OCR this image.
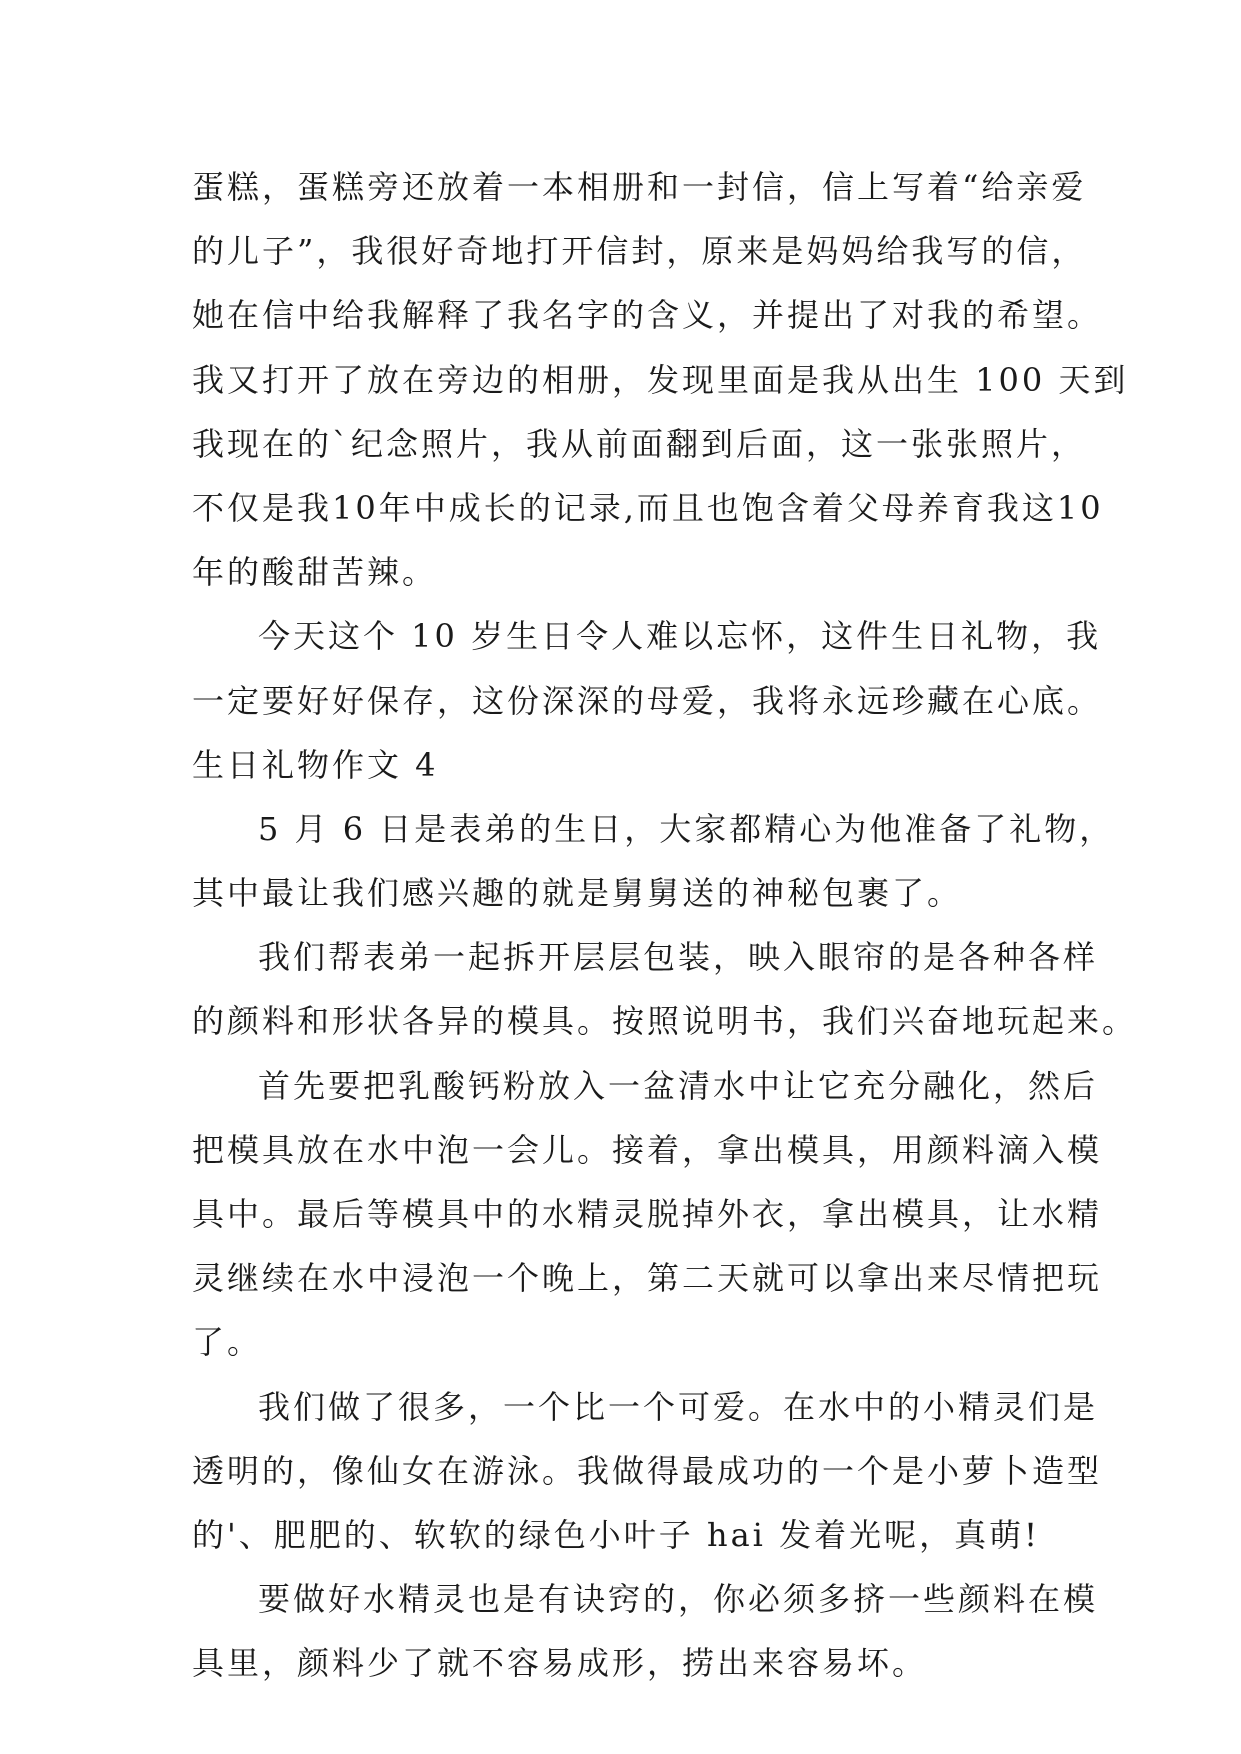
蛋糕，蛋糕旁还放着一本相册和一封信，信上写着“给亲爱
的儿子”，我很好奇地打开信封，原来是妈妈给我写的信，
她在信中给我解释了我名字的含义，并提出了对我的希望。
我又打开了放在旁边的相册，发现里面是我从出生 100 天到
我现在的`纪念照片，我从前面翻到后面，这一张张照片，
不仅是我10年中成长的记录,而且也饱含着父母养育我这10
年的酸甜苦辣。
今天这个 10 岁生日令人难以忘怀，这件生日礼物，我
一定要好好保存，这份深深的母爱，我将永远珍藏在心底。
生日礼物作文 4
5 月 6 日是表弟的生日，大家都精心为他准备了礼物，
其中最让我们感兴趣的就是舅舅送的神秘包裹了。
我们帮表弟一起拆开层层包装，映入眼帘的是各种各样
的颜料和形状各异的模具。按照说明书，我们兴奋地玩起来。
首先要把乳酸钙粉放入一盆清水中让它充分融化，然后
把模具放在水中泡一会儿。接着，拿出模具，用颜料滴入模
具中。最后等模具中的水精灵脱掉外衣，拿出模具，让水精
灵继续在水中浸泡一个晚上，第二天就可以拿出来尽情把玩
了。
我们做了很多，一个比一个可爱。在水中的小精灵们是
透明的，像仙女在游泳。我做得最成功的一个是小萝卜造型
的'、肥肥的、软软的绿色小叶子 hai 发着光呢，真萌!
要做好水精灵也是有诀窍的，你必须多挤一些颜料在模
具里，颜料少了就不容易成形，捞出来容易坏。
